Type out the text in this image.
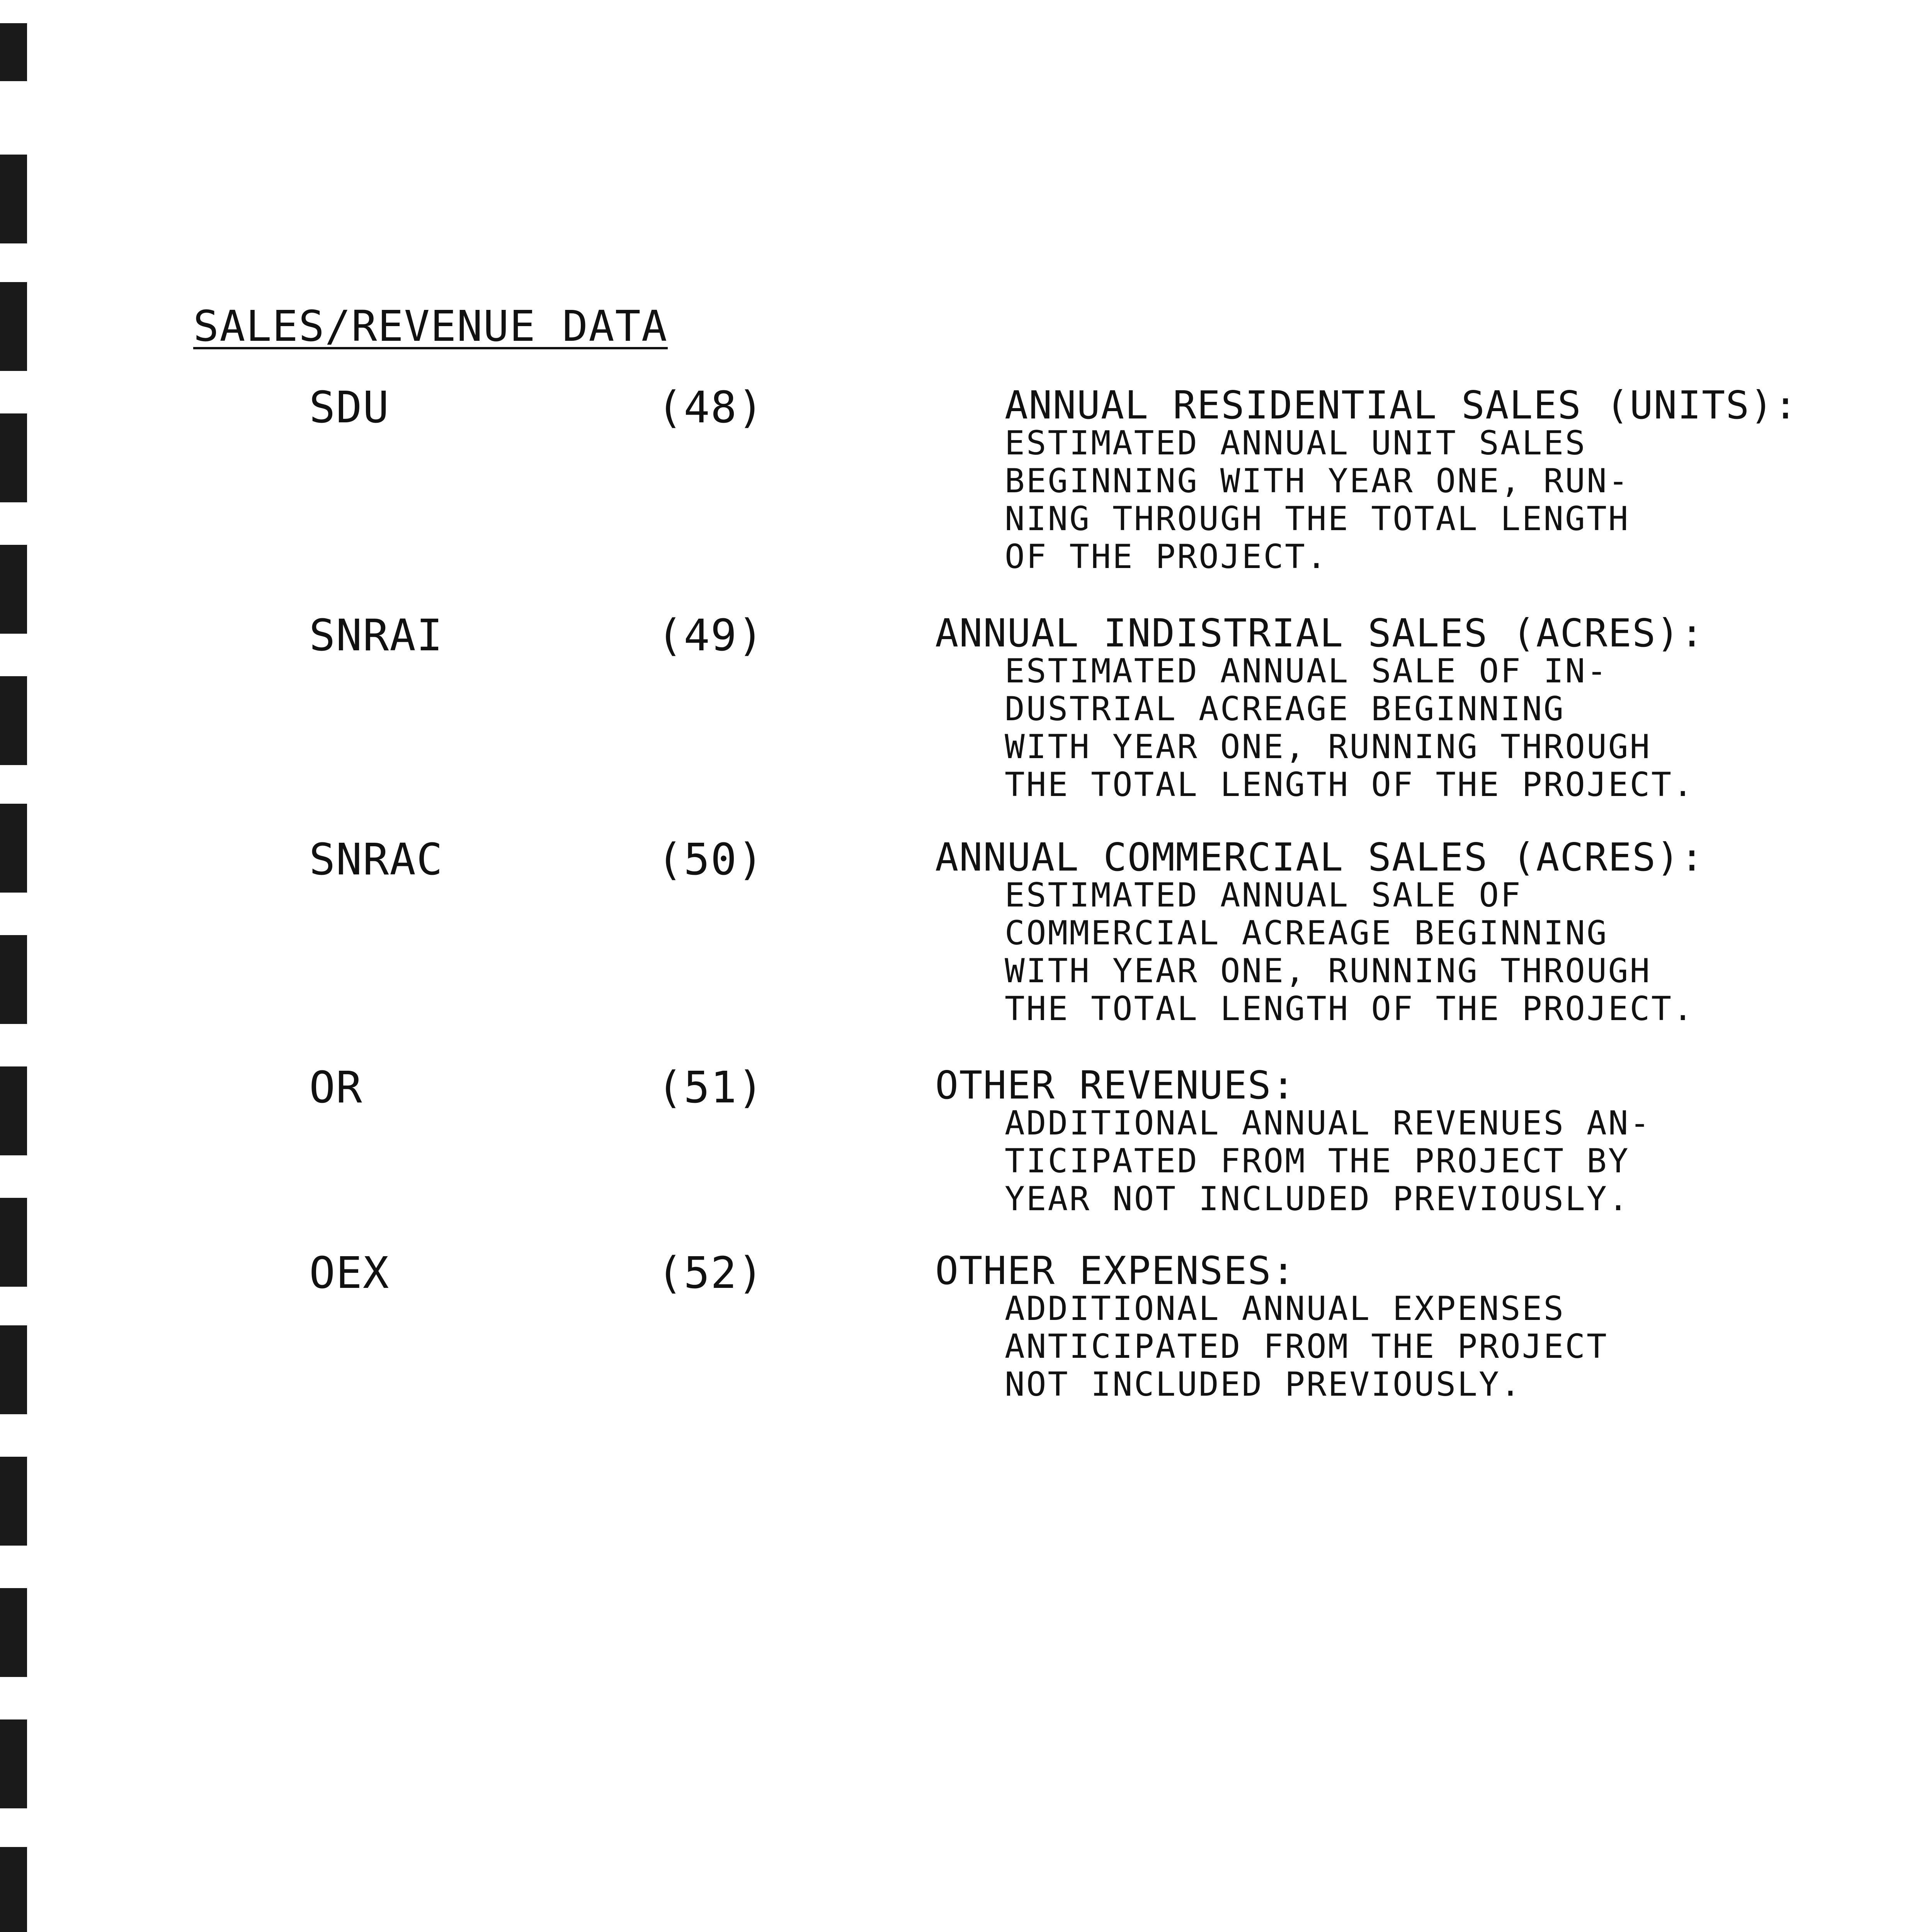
SALES/REVENUE DATA
SDU	(48)	ANNUAL RESIDENTIAL SALES (UNITS):
ESTIMATED ANNUAL UNIT SALES
BEGINNING WITH YEAR ONE, RUN-
NING THROUGH THE TOTAL LENGTH
OF THE PROJECT.
SNRAI	(49)	ANNUAL INDISTRIAL SALES (ACRES):
ESTIMATED ANNUAL SALE OF IN-
DUSTRIAL ACREAGE BEGINNING
WITH YEAR ONE, RUNNING THROUGH
THE TOTAL LENGTH OF THE PROJECT.
SNRAC	(50)	ANNUAL COMMERCIAL SALES (ACRES):
ESTIMATED ANNUAL SALE OF
COMMERCIAL ACREAGE BEGINNING
WITH YEAR ONE, RUNNING THROUGH
THE TOTAL LENGTH OF THE PROJECT.
OR	(51)	OTHER REVENUES:
ADDITIONAL ANNUAL REVENUES AN-
TICIPATED FROM THE PROJECT BY
YEAR NOT INCLUDED PREVIOUSLY.
OEX	(52)	OTHER EXPENSES:
ADDITIONAL ANNUAL EXPENSES
ANTICIPATED FROM THE PROJECT
NOT INCLUDED PREVIOUSLY.
